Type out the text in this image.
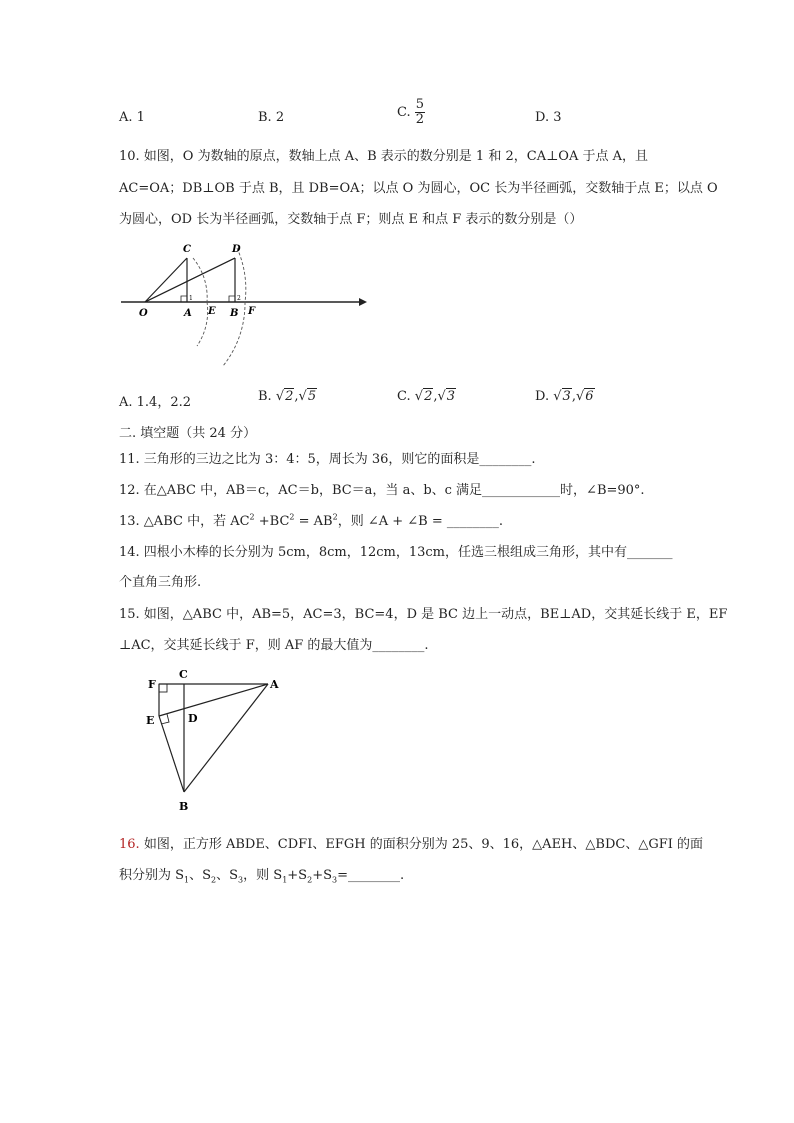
A. 1	B. 2	C. $\frac{5}{2}$	D. 3
10. 如图，O 为数轴的原点，数轴上点 A、B 表示的数分别是 1 和 2，CA⊥OA 于点 A，且
AC=OA；DB⊥OB 于点 B，且 DB=OA；以点 O 为圆心，OC 长为半径画弧，交数轴于点 E；以点 O
为圆心，OD 长为半径画弧，交数轴于点 F；则点 E 和点 F 表示的数分别是（）
C	D
O	A E B F
1	2
A. 1.4，2.2	B. √2,√5	C. √2,√3	D. √3,√6
二. 填空题（共 24 分）
11. 三角形的三边之比为 3：4：5，周长为 36，则它的面积是________.
12. 在△ABC 中，AB＝c，AC＝b，BC＝a，当 a、b、c 满足____________时，∠B=90°.
13. △ABC 中，若 $AC^2 +BC^2 = AB^2$，则 ∠A + ∠B = ________.
14. 四根小木棒的长分别为 5cm，8cm，12cm，13cm，任选三根组成三角形，其中有_______
个直角三角形.
15. 如图，△ABC 中，AB=5，AC=3，BC=4，D 是 BC 边上一动点，BE⊥AD，交其延长线于 E，EF
⊥AC，交其延长线于 F，则 AF 的最大值为________.
F
C
A
E	D
B
16. 如图，正方形 ABDE、CDFI、EFGH 的面积分别为 25、9、16，△AEH、△BDC、△GFI 的面
积分别为 $S_1$、$S_2$、$S_3$，则 $S_1+S_2+S_3=\_\_\_\_\_\_\_\_$.
